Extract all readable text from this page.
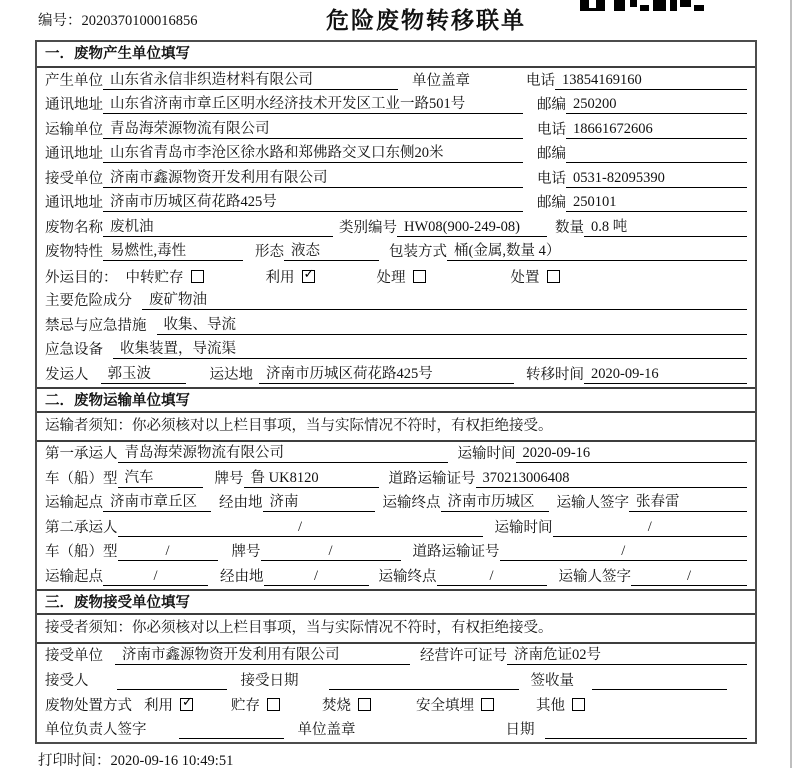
编号：2020370100016856	危险废物转移联单
一．废物产生单位填写
产生单位 山东省永信非织造材料有限公司	单位盖章	电话 13854169160
通讯地址 山东省济南市章丘区明水经济技术开发区工业一路501号	邮编 250200
运输单位 青岛海荣源物流有限公司	电话 18661672606
通讯地址 山东省青岛市李沧区徐水路和郑佛路交叉口东侧20米	邮编
接受单位 济南市鑫源物资开发利用有限公司	电话 0531-82095390
通讯地址 济南市历城区荷花路425号	邮编 250101
废物名称 废机油	类别编号 HW08(900-249-08)	数量 0.8 吨
废物特性 易燃性,毒性	形态 液态	包装方式 桶(金属,数量 4）
外运目的： 中转贮存	利用 ✓	处理	处置
主要危险成分	废矿物油
禁忌与应急措施	收集、导流
应急设备	收集装置，导流渠
发运人	郭玉波	运达地 济南市历城区荷花路425号	转移时间 2020-09-16
二．废物运输单位填写
运输者须知：你必须核对以上栏目事项，当与实际情况不符时，有权拒绝接受。
第一承运人 青岛海荣源物流有限公司	运输时间 2020-09-16
车（船）型 汽车	牌号 鲁 UK8120	道路运输证号 370213006408
运输起点 济南市章丘区	经由地 济南	运输终点 济南市历城区	运输人签字 张春雷
第二承运人	/	运输时间	/
车（船）型	/	牌号	/	道路运输证号	/
运输起点	/	经由地	/	运输终点	/	运输人签字	/
三．废物接受单位填写
接受者须知：你必须核对以上栏目事项，当与实际情况不符时，有权拒绝接受。
接受单位	济南市鑫源物资开发利用有限公司	经营许可证号 济南危证02号
接受人	接受日期	签收量
废物处置方式 利用 ✓	贮存	焚烧	安全填埋	其他
单位负责人签字	单位盖章	日期
打印时间：2020-09-16 10:49:51
